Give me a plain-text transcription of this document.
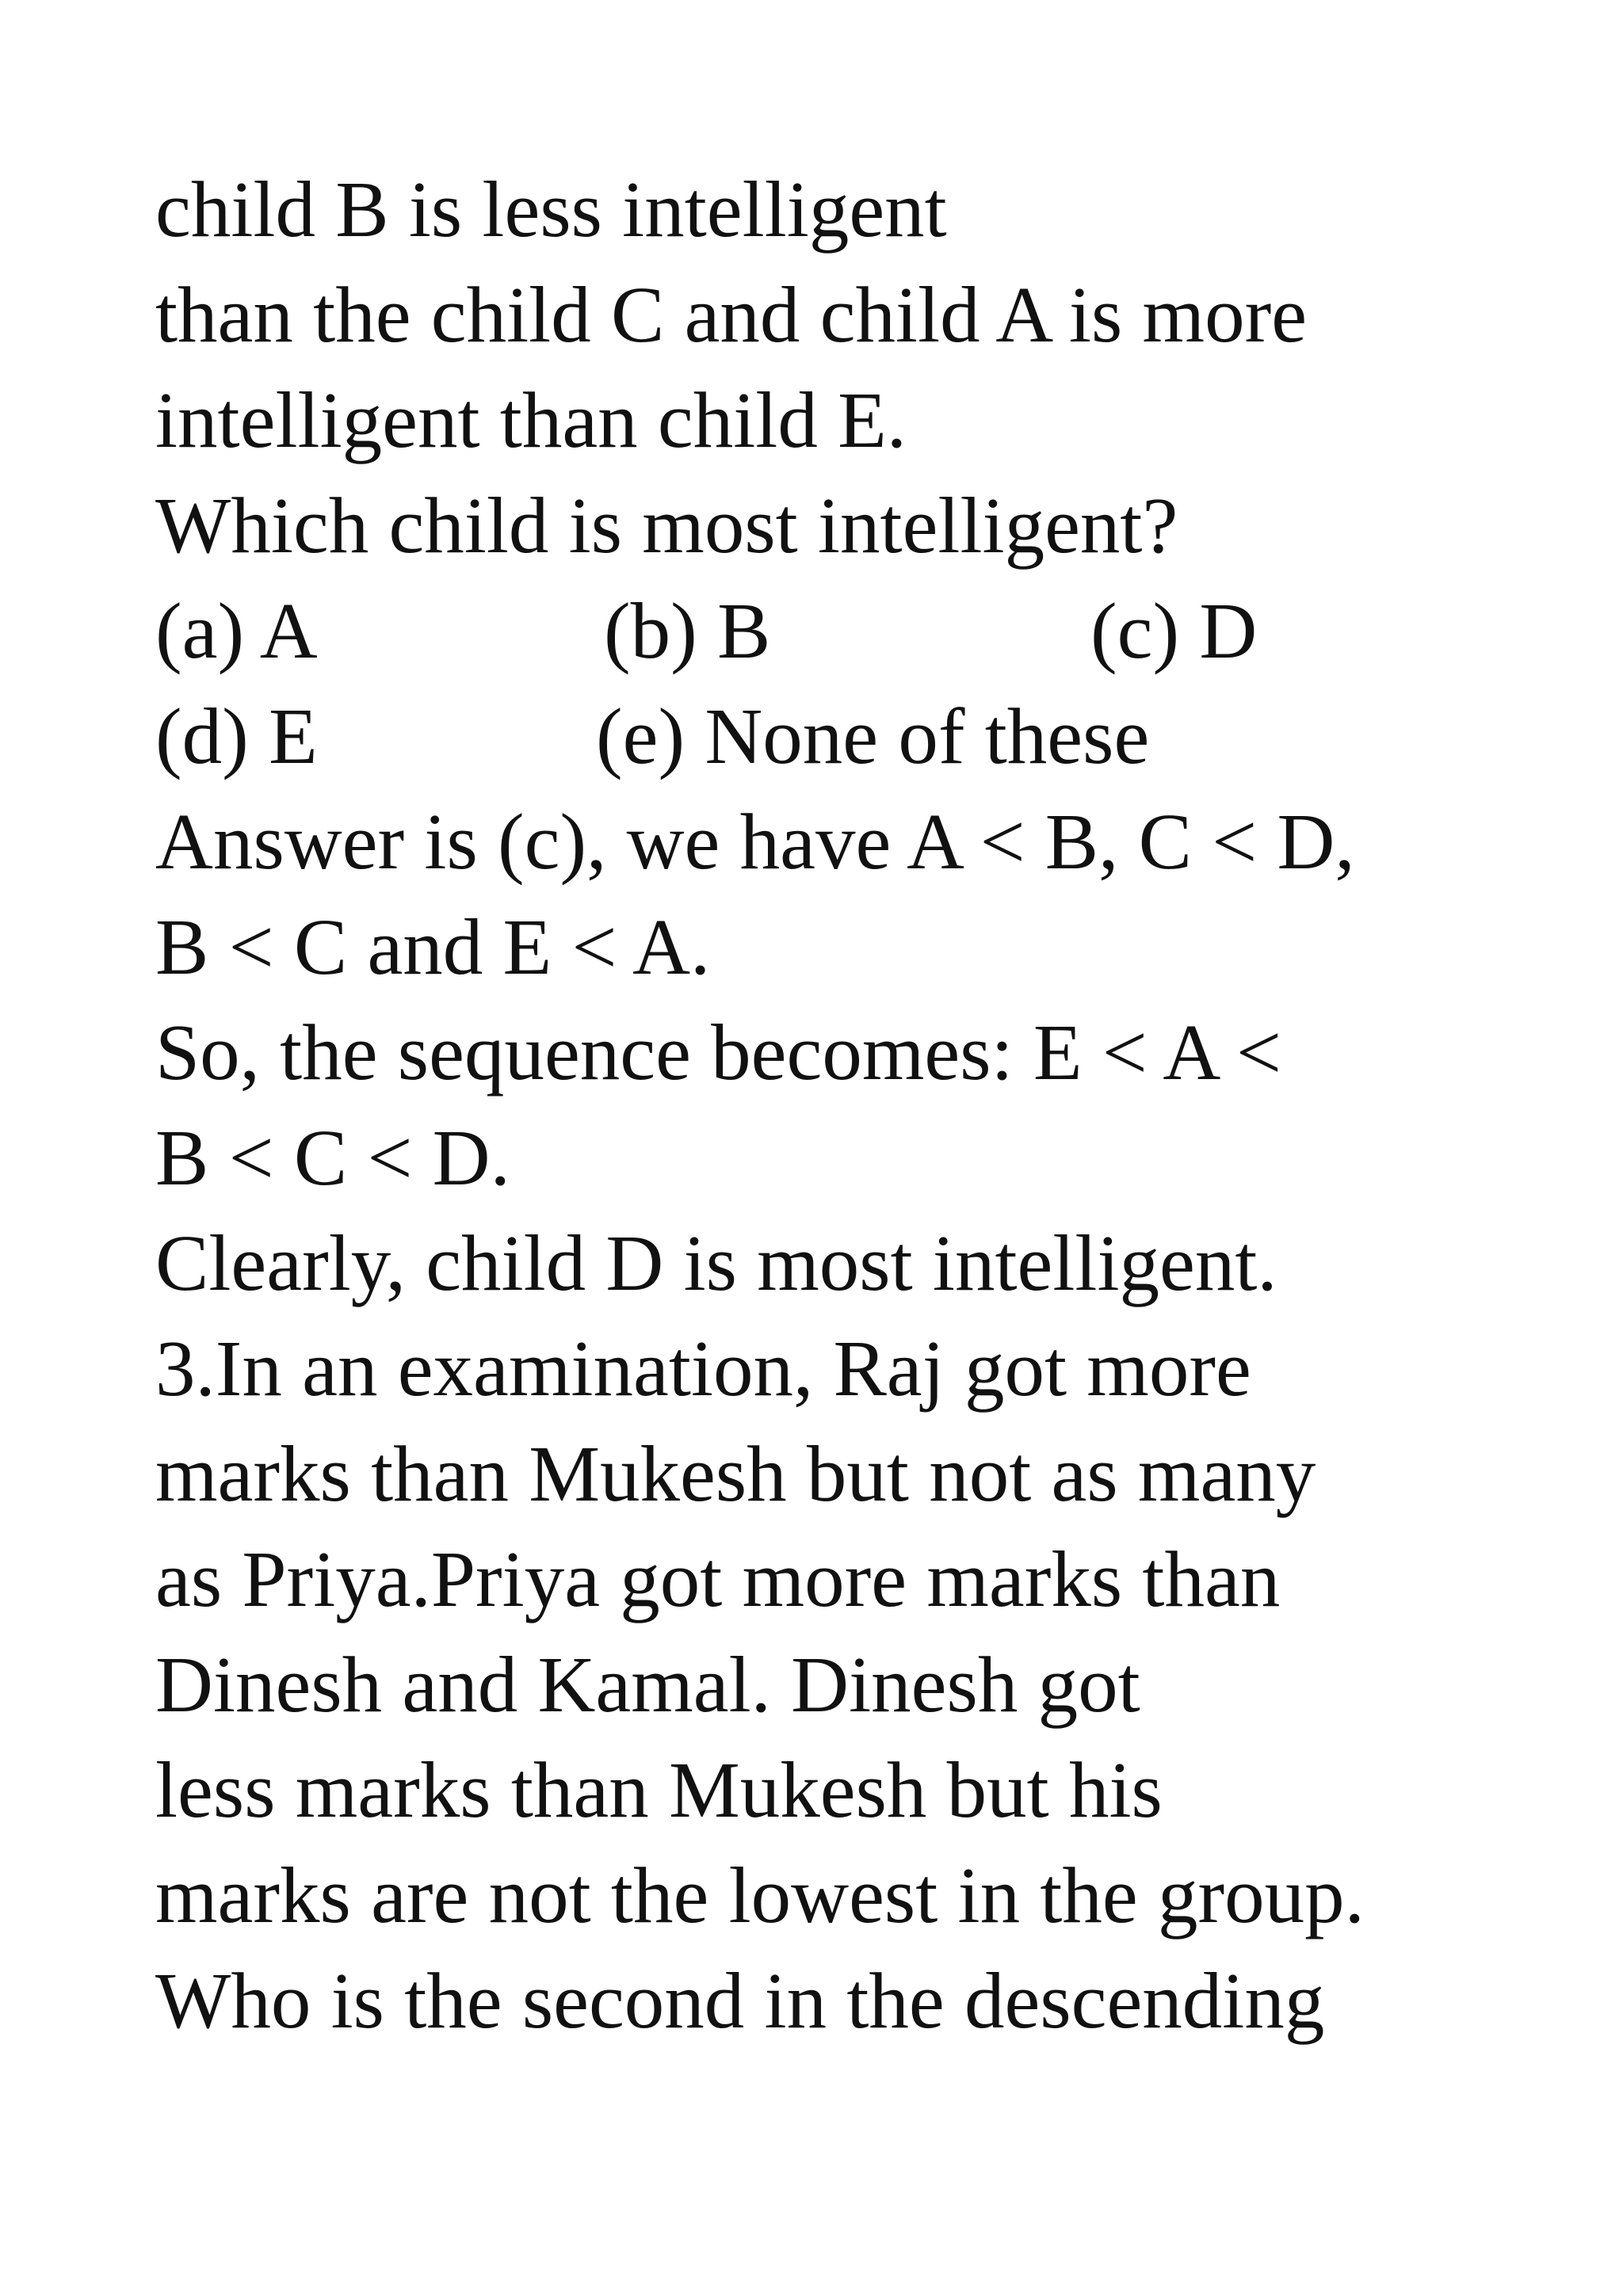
child B is less intelligent
than the child C and child A is more
intelligent than child E.
Which child is most intelligent?

(a) A

	(b) B

	(c) D

(d) E

	(e) None of these

Answer is (c), we have A < B, C < D,
B < C and E < A.
So, the sequence becomes: E < A <
B < C < D.
Clearly, child D is most intelligent.
3.In an examination, Raj got more
marks than Mukesh but not as many
as Priya.Priya got more marks than
Dinesh and Kamal. Dinesh got
less marks than Mukesh but his
marks are not the lowest in the group.
Who is the second in the descending
